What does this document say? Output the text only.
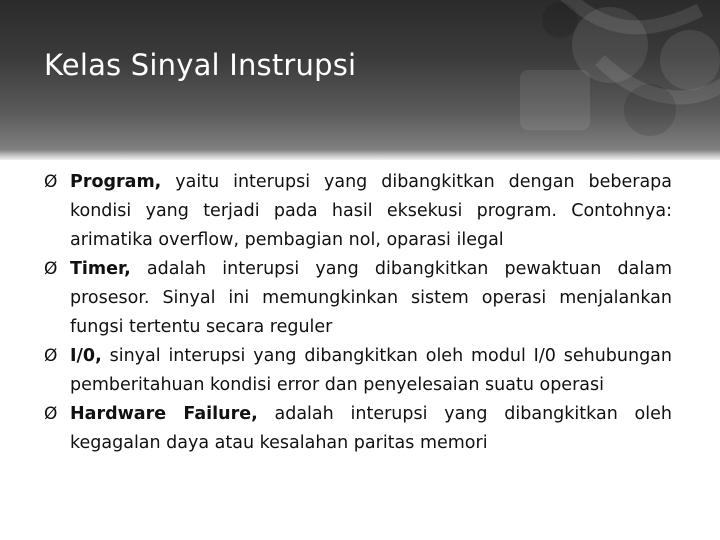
Kelas Sinyal Instrupsi
Ø Program, yaitu interupsi yang dibangkitkan dengan beberapa kondisi yang terjadi pada hasil eksekusi program. Contohnya: arimatika overflow, pembagian nol, oparasi ilegal
Ø Timer, adalah interupsi yang dibangkitkan pewaktuan dalam prosesor. Sinyal ini memungkinkan sistem operasi menjalankan fungsi tertentu secara reguler
Ø I/0, sinyal interupsi yang dibangkitkan oleh modul I/0 sehubungan pemberitahuan kondisi error dan penyelesaian suatu operasi
Ø Hardware Failure, adalah interupsi yang dibangkitkan oleh kegagalan daya atau kesalahan paritas memori
